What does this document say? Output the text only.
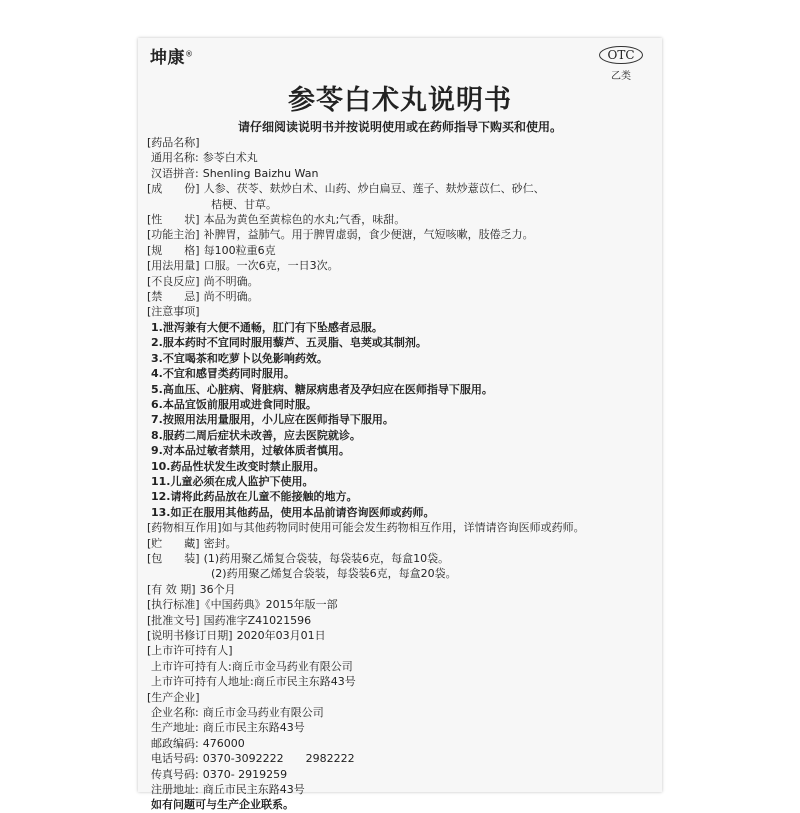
坤康®	OTC
乙类
参苓白术丸说明书
请仔细阅读说明书并按说明使用或在药师指导下购买和使用。
[药品名称]
通用名称: 参苓白术丸
汉语拼音: Shenling Baizhu Wan
[成　　份] 人参、茯苓、麸炒白术、山药、炒白扁豆、莲子、麸炒薏苡仁、砂仁、
桔梗、甘草。
[性　　状] 本品为黄色至黄棕色的水丸;气香，味甜。
[功能主治] 补脾胃，益肺气。用于脾胃虚弱，食少便溏，气短咳嗽，肢倦乏力。
[规　　格] 每100粒重6克
[用法用量] 口服。一次6克，一日3次。
[不良反应] 尚不明确。
[禁　　忌] 尚不明确。
[注意事项]
1.泄泻兼有大便不通畅，肛门有下坠感者忌服。
2.服本药时不宜同时服用藜芦、五灵脂、皂荚或其制剂。
3.不宜喝茶和吃萝卜以免影响药效。
4.不宜和感冒类药同时服用。
5.高血压、心脏病、肾脏病、糖尿病患者及孕妇应在医师指导下服用。
6.本品宜饭前服用或进食同时服。
7.按照用法用量服用，小儿应在医师指导下服用。
8.服药二周后症状未改善，应去医院就诊。
9.对本品过敏者禁用，过敏体质者慎用。
10.药品性状发生改变时禁止服用。
11.儿童必须在成人监护下使用。
12.请将此药品放在儿童不能接触的地方。
13.如正在服用其他药品，使用本品前请咨询医师或药师。
[药物相互作用]如与其他药物同时使用可能会发生药物相互作用，详情请咨询医师或药师。
[贮　　藏] 密封。
[包　　装] (1)药用聚乙烯复合袋装，每袋装6克，每盒10袋。
(2)药用聚乙烯复合袋装，每袋装6克，每盒20袋。
[有 效 期] 36个月
[执行标准]《中国药典》2015年版一部
[批准文号] 国药准字Z41021596
[说明书修订日期] 2020年03月01日
[上市许可持有人]
上市许可持有人:商丘市金马药业有限公司
上市许可持有人地址:商丘市民主东路43号
[生产企业]
企业名称: 商丘市金马药业有限公司
生产地址: 商丘市民主东路43号
邮政编码: 476000
电话号码: 0370-3092222　　2982222
传真号码: 0370- 2919259
注册地址: 商丘市民主东路43号
如有问题可与生产企业联系。
